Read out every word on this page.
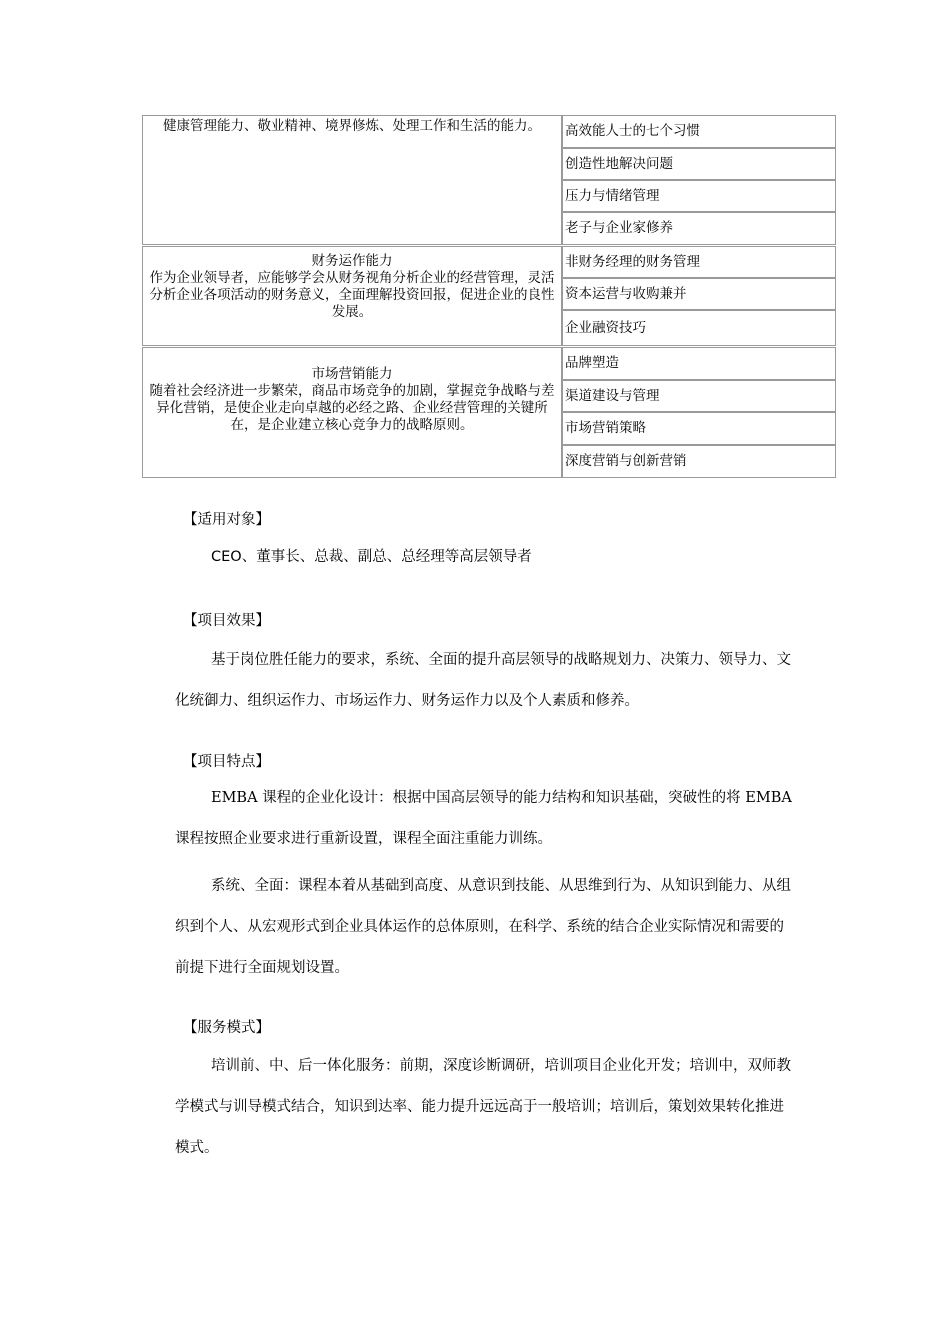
健康管理能力、敬业精神、境界修炼、处理工作和生活的能力。	高效能人士的七个习惯
创造性地解决问题
压力与情绪管理
老子与企业家修养
财务运作能力
作为企业领导者，应能够学会从财务视角分析企业的经营管理，灵活分析企业各项活动的财务意义，全面理解投资回报，促进企业的良性发展。
非财务经理的财务管理
资本运营与收购兼并
企业融资技巧
市场营销能力
随着社会经济进一步繁荣，商品市场竞争的加剧，掌握竞争战略与差异化营销，是使企业走向卓越的必经之路、企业经营管理的关键所在，是企业建立核心竞争力的战略原则。
品牌塑造
渠道建设与管理
市场营销策略
深度营销与创新营销
【适用对象】

CEO、董事长、总裁、副总、总经理等高层领导者

【项目效果】

基于岗位胜任能力的要求，系统、全面的提升高层领导的战略规划力、决策力、领导力、文化统御力、组织运作力、市场运作力、财务运作力以及个人素质和修养。

【项目特点】

EMBA 课程的企业化设计：根据中国高层领导的能力结构和知识基础，突破性的将 EMBA 课程按照企业要求进行重新设置，课程全面注重能力训练。

系统、全面：课程本着从基础到高度、从意识到技能、从思维到行为、从知识到能力、从组织到个人、从宏观形式到企业具体运作的总体原则，在科学、系统的结合企业实际情况和需要的前提下进行全面规划设置。

【服务模式】

培训前、中、后一体化服务：前期，深度诊断调研，培训项目企业化开发；培训中，双师教学模式与训导模式结合，知识到达率、能力提升远远高于一般培训；培训后，策划效果转化推进模式。
